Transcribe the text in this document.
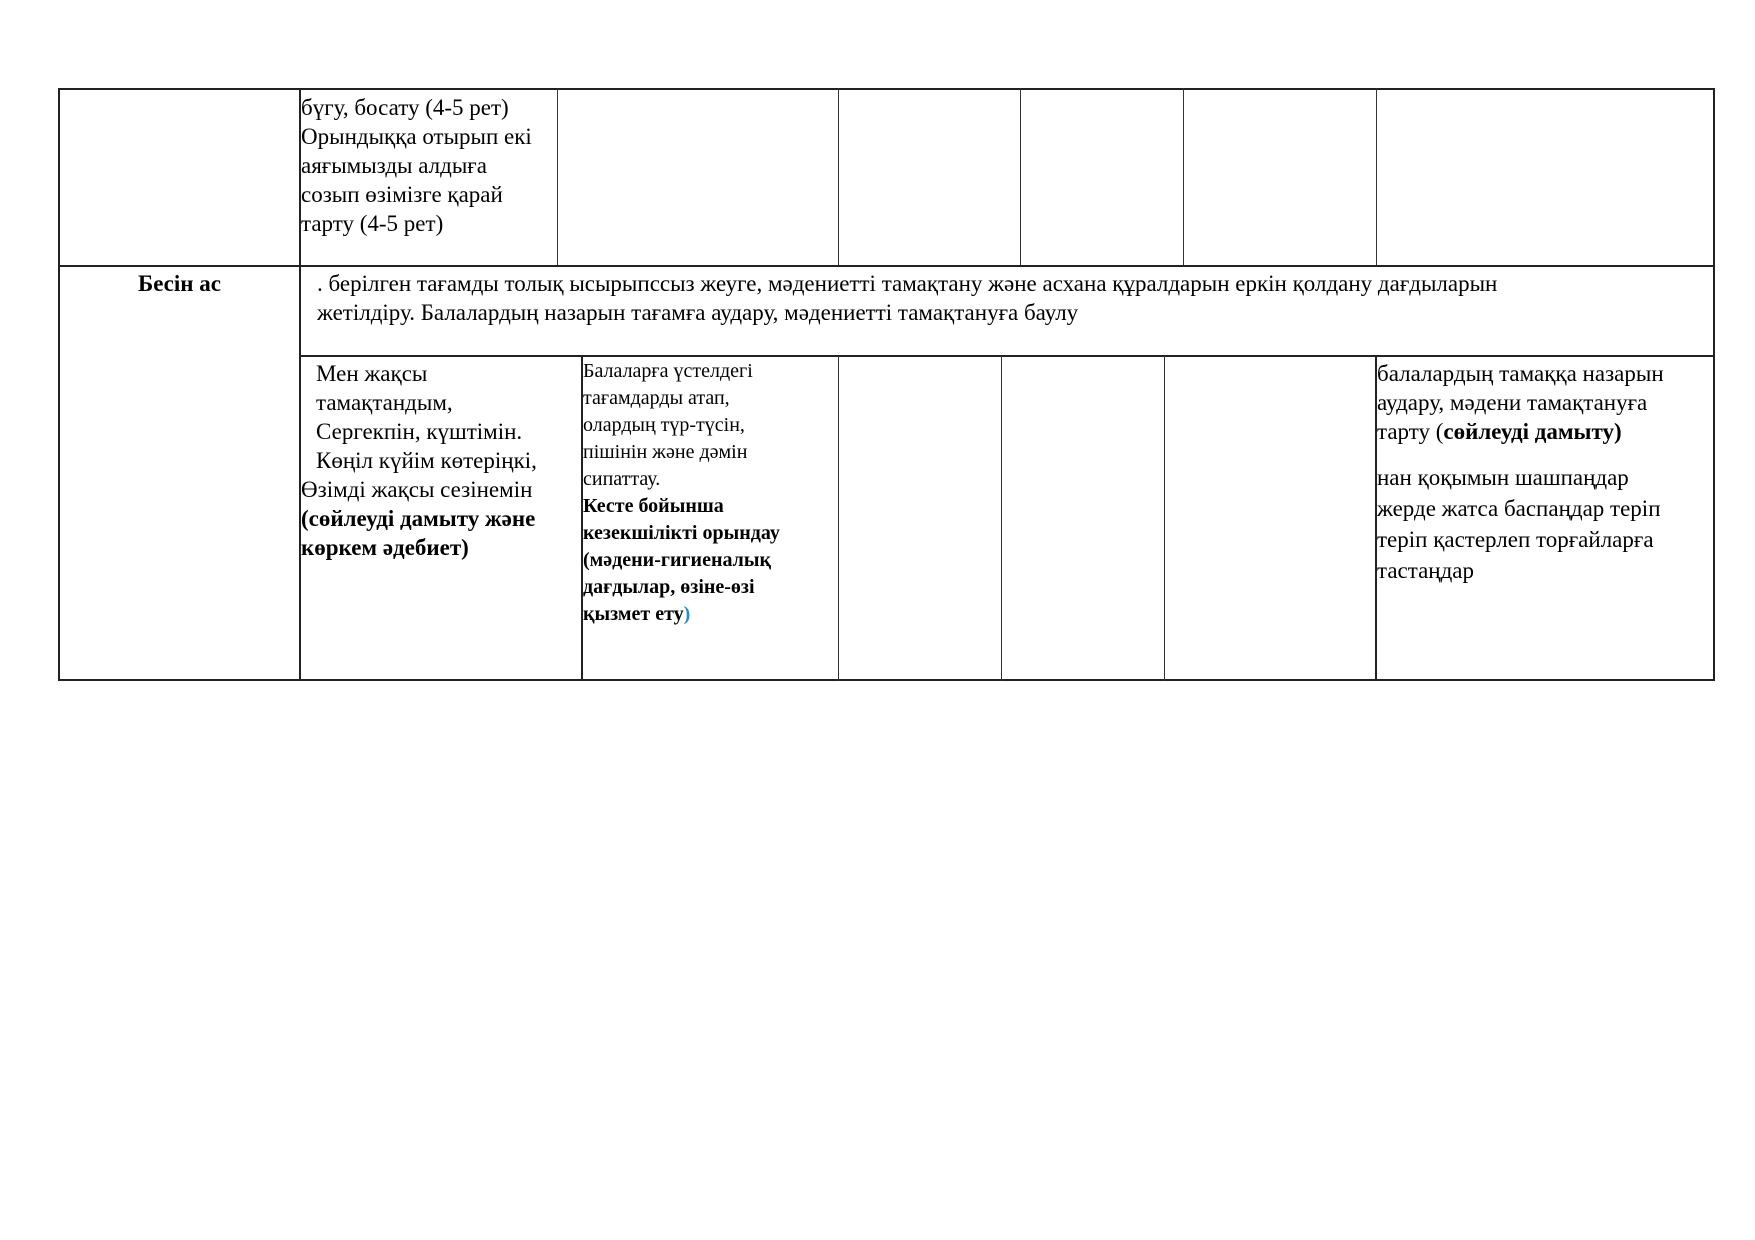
бүгу, босату (4-5 рет)
Орындыққа отырып екі
аяғымызды алдыға
созып өзімізге қарай
тарту (4-5 рет)
Бесін ас	. берілген тағамды толық ысырыпссыз жеуге, мәдениетті тамақтану және асхана құралдарын еркін қолдану дағдыларын
жетілдіру. Балалардың назарын тағамға аудару, мәдениетті тамақтануға баулу
Мен жақсы
тамақтандым,
Сергекпін, күштімін.
Көңіл күйім көтеріңкі,
Өзімді жақсы сезінемін
(сөйлеуді дамыту және
көркем әдебиет)
Балаларға үстелдегі
тағамдарды атап,
олардың түр-түсін,
пішінін және дәмін
сипаттау.
Кесте бойынша
кезекшілікті орындау
(мәдени-гигиеналық
дағдылар, өзіне-өзі
қызмет ету)
балалардың тамаққа назарын
аудару, мәдени тамақтануға
тарту (сөйлеуді дамыту)
нан қоқымын шашпаңдар
жерде жатса баспаңдар теріп
теріп қастерлеп торғайларға
тастаңдар
